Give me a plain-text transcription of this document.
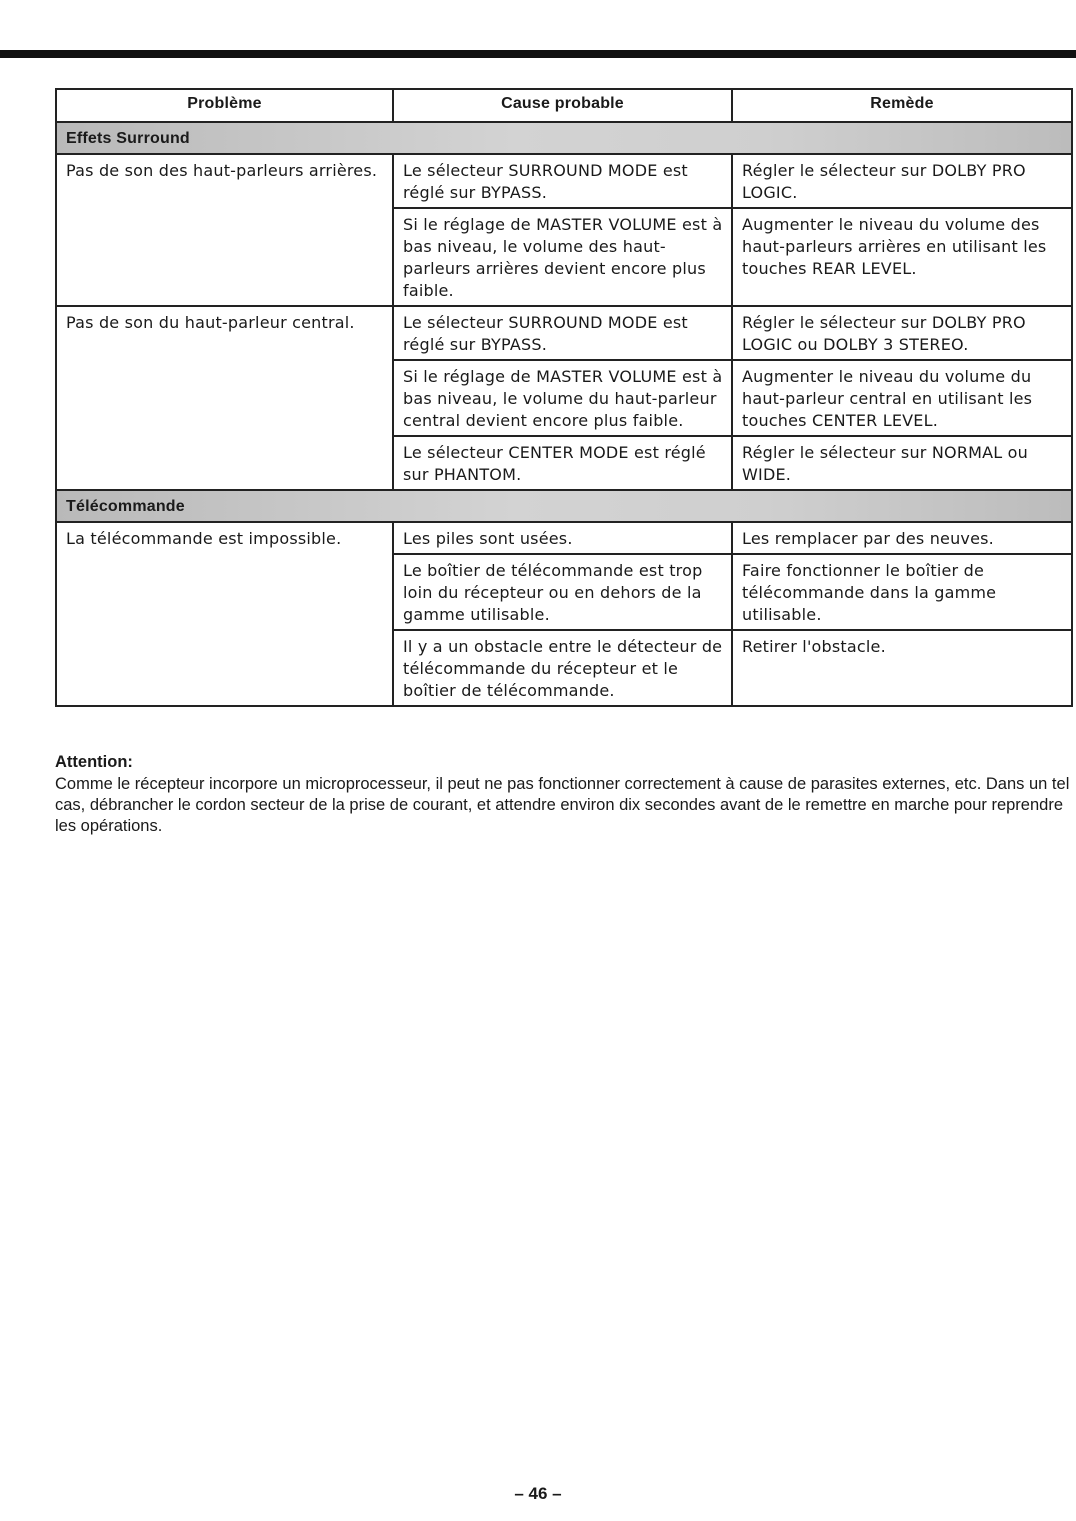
Problème	Cause probable	Remède
Effets Surround		
Pas de son des haut-parleurs arrières.	Le sélecteur SURROUND MODE est réglé sur BYPASS.	Régler le sélecteur sur DOLBY PRO LOGIC.
	Si le réglage de MASTER VOLUME est à bas niveau, le volume des haut-parleurs arrières devient encore plus faible.	Augmenter le niveau du volume des haut-parleurs arrières en utilisant les touches REAR LEVEL.
Pas de son du haut-parleur central.	Le sélecteur SURROUND MODE est réglé sur BYPASS.	Régler le sélecteur sur DOLBY PRO LOGIC ou DOLBY 3 STEREO.
	Si le réglage de MASTER VOLUME est à bas niveau, le volume du haut-parleur central devient encore plus faible.	Augmenter le niveau du volume du haut-parleur central en utilisant les touches CENTER LEVEL.
	Le sélecteur CENTER MODE est réglé sur PHANTOM.	Régler le sélecteur sur NORMAL ou WIDE.
Télécommande		
La télécommande est impossible.	Les piles sont usées.	Les remplacer par des neuves.
	Le boîtier de télécommande est trop loin du récepteur ou en dehors de la gamme utilisable.	Faire fonctionner le boîtier de télécommande dans la gamme utilisable.
	Il y a un obstacle entre le détecteur de télécommande du récepteur et le boîtier de télécommande.	Retirer l'obstacle.
Attention:
Comme le récepteur incorpore un microprocesseur, il peut ne pas fonctionner correctement à cause de parasites externes, etc. Dans un tel cas, débrancher le cordon secteur de la prise de courant, et attendre environ dix secondes avant de le remettre en marche pour reprendre les opérations.
– 46 –
